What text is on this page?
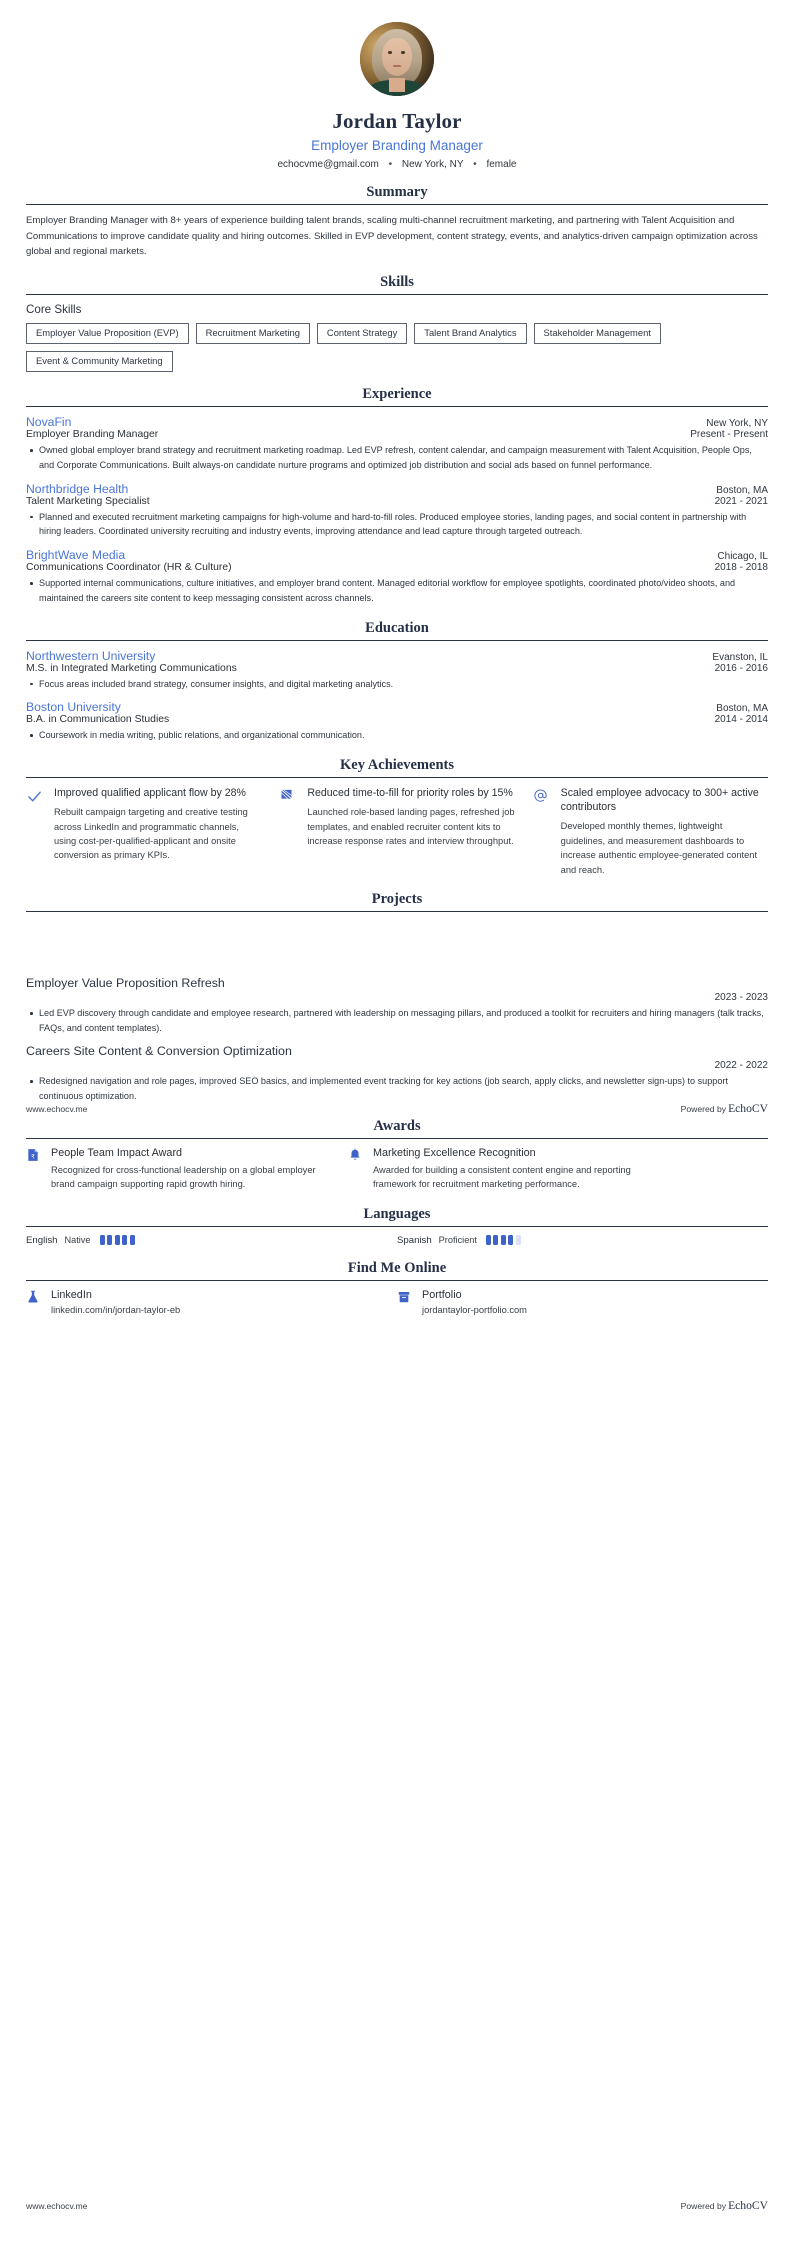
Jordan Taylor
Employer Branding Manager
echocvme@gmail.com • New York, NY • female
Summary
Employer Branding Manager with 8+ years of experience building talent brands, scaling multi-channel recruitment marketing, and partnering with Talent Acquisition and Communications to improve candidate quality and hiring outcomes. Skilled in EVP development, content strategy, events, and analytics-driven campaign optimization across global and regional markets.
Skills
Core Skills
Employer Value Proposition (EVP)	Recruitment Marketing	Content Strategy	Talent Brand Analytics	Stakeholder Management
Event & Community Marketing
Experience
NovaFin	New York, NY
Employer Branding Manager	Present - Present
Owned global employer brand strategy and recruitment marketing roadmap. Led EVP refresh, content calendar, and campaign measurement with Talent Acquisition, People Ops, and Corporate Communications. Built always-on candidate nurture programs and optimized job distribution and social ads based on funnel performance.
Northbridge Health	Boston, MA
Talent Marketing Specialist	2021 - 2021
Planned and executed recruitment marketing campaigns for high-volume and hard-to-fill roles. Produced employee stories, landing pages, and social content in partnership with hiring leaders. Coordinated university recruiting and industry events, improving attendance and lead capture through targeted outreach.
BrightWave Media	Chicago, IL
Communications Coordinator (HR & Culture)	2018 - 2018
Supported internal communications, culture initiatives, and employer brand content. Managed editorial workflow for employee spotlights, coordinated photo/video shoots, and maintained the careers site content to keep messaging consistent across channels.
Education
Northwestern University	Evanston, IL
M.S. in Integrated Marketing Communications	2016 - 2016
Focus areas included brand strategy, consumer insights, and digital marketing analytics.
Boston University	Boston, MA
B.A. in Communication Studies	2014 - 2014
Coursework in media writing, public relations, and organizational communication.
Key Achievements
Improved qualified applicant flow by 28%
Rebuilt campaign targeting and creative testing across LinkedIn and programmatic channels, using cost-per-qualified-applicant and onsite conversion as primary KPIs.
Reduced time-to-fill for priority roles by 15%
Launched role-based landing pages, refreshed job templates, and enabled recruiter content kits to increase response rates and interview throughput.
Scaled employee advocacy to 300+ active contributors
Developed monthly themes, lightweight guidelines, and measurement dashboards to increase authentic employee-generated content and reach.
Projects
Employer Value Proposition Refresh
2023 - 2023
Led EVP discovery through candidate and employee research, partnered with leadership on messaging pillars, and produced a toolkit for recruiters and hiring managers (talk tracks, FAQs, and content templates).
Careers Site Content & Conversion Optimization
2022 - 2022
Redesigned navigation and role pages, improved SEO basics, and implemented event tracking for key actions (job search, apply clicks, and newsletter sign-ups) to support continuous optimization.
Awards
₹ People Team Impact Award
Recognized for cross-functional leadership on a global employer brand campaign supporting rapid growth hiring.
Marketing Excellence Recognition
Awarded for building a consistent content engine and reporting framework for recruitment marketing performance.
Languages
English Native	Spanish Proficient
Find Me Online
LinkedIn
linkedin.com/in/jordan-taylor-eb
Portfolio
jordantaylor-portfolio.com
www.echocv.me	Powered by EchoCV
www.echocv.me	Powered by EchoCV
